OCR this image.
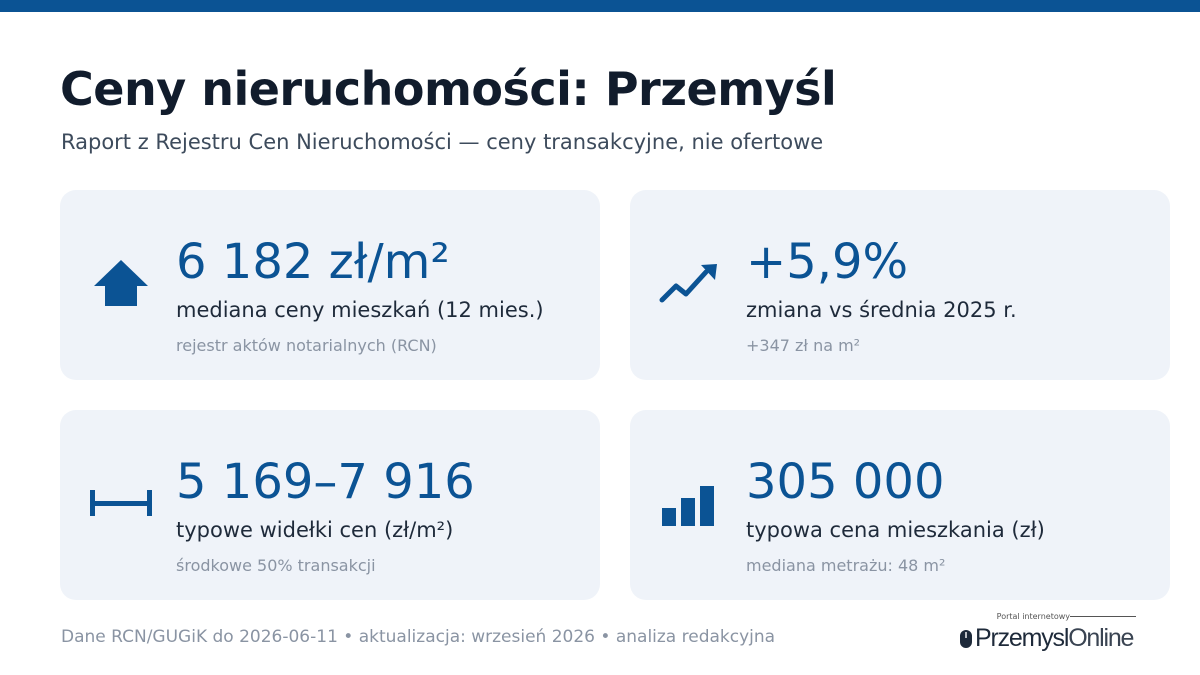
Ceny nieruchomości: Przemyśl

Raport z Rejestru Cen Nieruchomości — ceny transakcyjne, nie ofertowe

6 182 zł/m²
mediana ceny mieszkań (12 mies.)
rejestr aktów notarialnych (RCN)
+5,9%
zmiana vs średnia 2025 r.
+347 zł na m²
5 169–7 916
typowe widełki cen (zł/m²)
środkowe 50% transakcji
305 000
typowa cena mieszkania (zł)
mediana metrażu: 48 m²

Dane RCN/GUGiK do 2026-06-11 • aktualizacja: wrzesień 2026 • analiza redakcyjna

Portal internetowy
PrzemyslOnline
